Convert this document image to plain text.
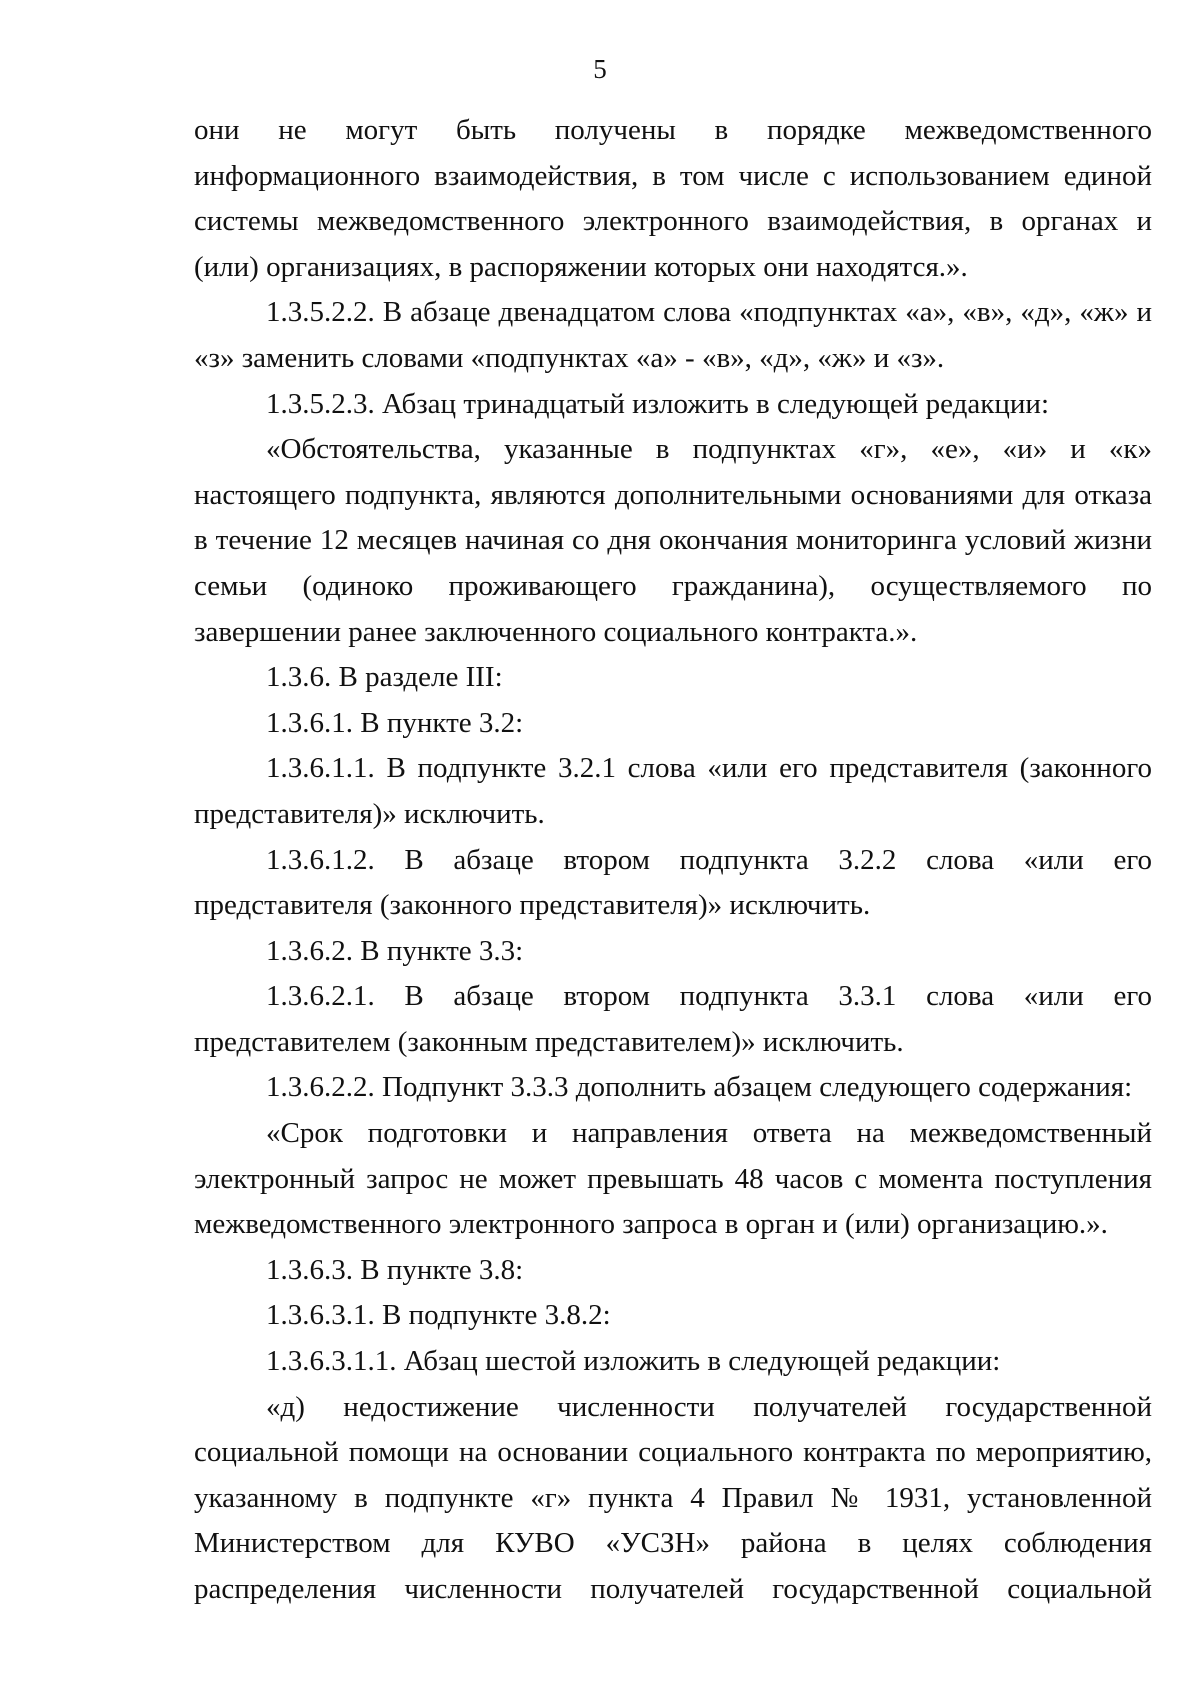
5

они не могут быть получены в порядке межведомственного информационного взаимодействия, в том числе с использованием единой системы межведомственного электронного взаимодействия, в органах и (или) организациях, в распоряжении которых они находятся.».

1.3.5.2.2. В абзаце двенадцатом слова «подпунктах «а», «в», «д», «ж» и «з» заменить словами «подпунктах «а» - «в», «д», «ж» и «з».

1.3.5.2.3. Абзац тринадцатый изложить в следующей редакции:

«Обстоятельства, указанные в подпунктах «г», «е», «и» и «к» настоящего подпункта, являются дополнительными основаниями для отказа в течение 12 месяцев начиная со дня окончания мониторинга условий жизни семьи (одиноко проживающего гражданина), осуществляемого по завершении ранее заключенного социального контракта.».

1.3.6. В разделе III:

1.3.6.1. В пункте 3.2:

1.3.6.1.1. В подпункте 3.2.1 слова «или его представителя (законного представителя)» исключить.

1.3.6.1.2. В абзаце втором подпункта 3.2.2 слова «или его представителя (законного представителя)» исключить.

1.3.6.2. В пункте 3.3:

1.3.6.2.1. В абзаце втором подпункта 3.3.1 слова «или его представителем (законным представителем)» исключить.

1.3.6.2.2. Подпункт 3.3.3 дополнить абзацем следующего содержания:

«Срок подготовки и направления ответа на межведомственный электронный запрос не может превышать 48 часов с момента поступления межведомственного электронного запроса в орган и (или) организацию.».

1.3.6.3. В пункте 3.8:

1.3.6.3.1. В подпункте 3.8.2:

1.3.6.3.1.1. Абзац шестой изложить в следующей редакции:

«д) недостижение численности получателей государственной социальной помощи на основании социального контракта по мероприятию, указанному в подпункте «г» пункта 4 Правил № 1931, установленной Министерством для КУВО «УСЗН» района в целях соблюдения распределения численности получателей государственной социальной
